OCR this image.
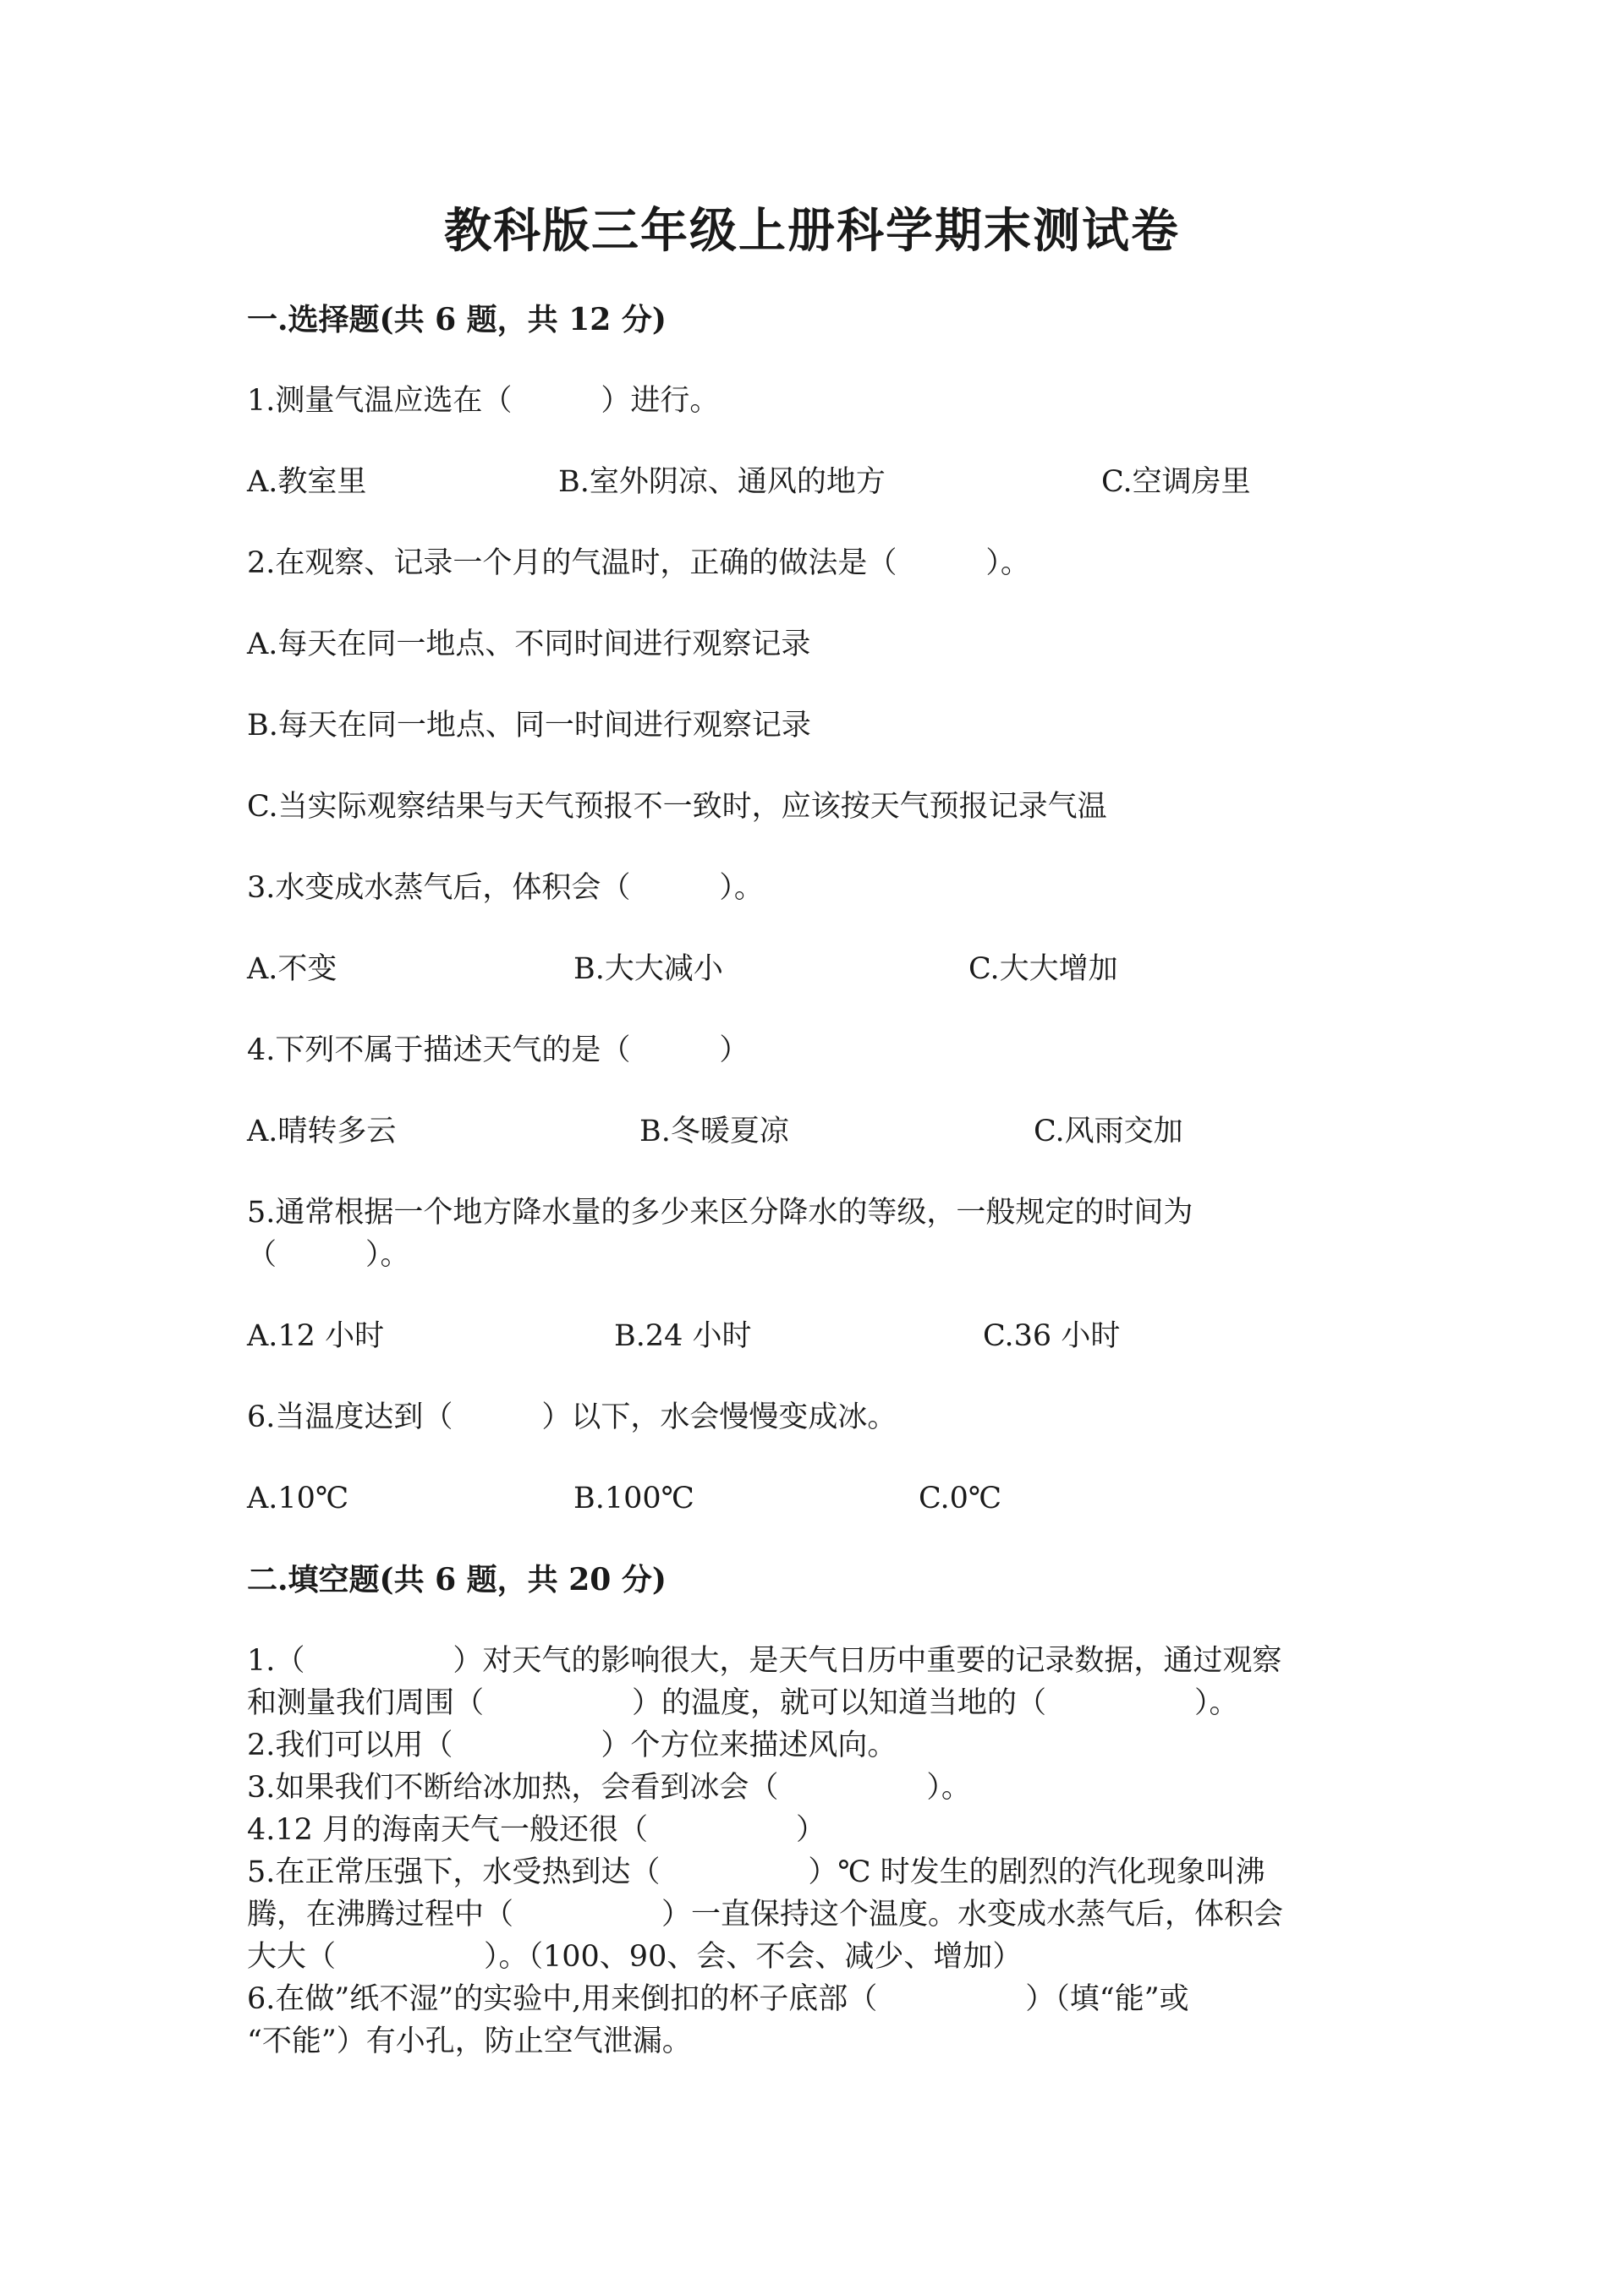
教科版三年级上册科学期末测试卷
一.选择题(共 6 题，共 12 分)
1.测量气温应选在（　　　）进行。
A.教室里	B.室外阴凉、通风的地方	C.空调房里
2.在观察、记录一个月的气温时，正确的做法是（　　　）。
A.每天在同一地点、不同时间进行观察记录
B.每天在同一地点、同一时间进行观察记录
C.当实际观察结果与天气预报不一致时，应该按天气预报记录气温
3.水变成水蒸气后，体积会（　　　）。
A.不变	B.大大减小	C.大大增加
4.下列不属于描述天气的是（　　　）
A.晴转多云	B.冬暖夏凉	C.风雨交加
5.通常根据一个地方降水量的多少来区分降水的等级，一般规定的时间为
（　　　）。
A.12 小时	B.24 小时	C.36 小时
6.当温度达到（　　　）以下，水会慢慢变成冰。
A.10℃	B.100℃	C.0℃
二.填空题(共 6 题，共 20 分)
1.（　　　　　）对天气的影响很大，是天气日历中重要的记录数据，通过观察
和测量我们周围（　　　　　）的温度，就可以知道当地的（　　　　　）。
2.我们可以用（　　　　　）个方位来描述风向。
3.如果我们不断给冰加热，会看到冰会（　　　　　）。
4.12 月的海南天气一般还很（　　　　　）
5.在正常压强下，水受热到达（　　　　　）℃ 时发生的剧烈的汽化现象叫沸
腾，在沸腾过程中（　　　　　）一直保持这个温度。水变成水蒸气后，体积会
大大（　　　　　）。（100、90、会、不会、减少、增加）
6.在做”纸不湿”的实验中,用来倒扣的杯子底部（　　　　　）（填“能”或
“不能”）有小孔，防止空气泄漏。
